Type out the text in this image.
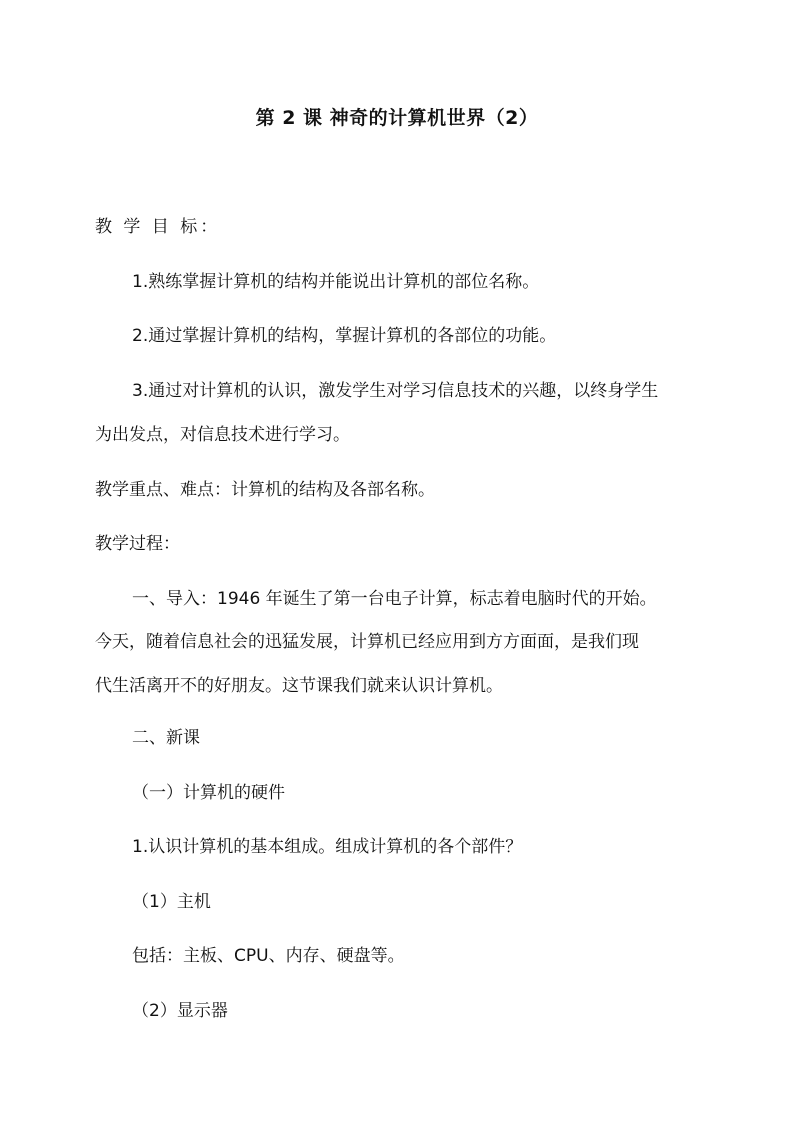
第 2 课 神奇的计算机世界（2）
教 学 目 标：
1.熟练掌握计算机的结构并能说出计算机的部位名称。
2.通过掌握计算机的结构，掌握计算机的各部位的功能。
3.通过对计算机的认识，激发学生对学习信息技术的兴趣，以终身学生
为出发点，对信息技术进行学习。
教学重点、难点：计算机的结构及各部名称。
教学过程：
一、导入：1946 年诞生了第一台电子计算，标志着电脑时代的开始。
今天，随着信息社会的迅猛发展，计算机已经应用到方方面面，是我们现
代生活离开不的好朋友。这节课我们就来认识计算机。
二、新课
（一）计算机的硬件
1.认识计算机的基本组成。组成计算机的各个部件？
（1）主机
包括：主板、CPU、内存、硬盘等。
（2）显示器
